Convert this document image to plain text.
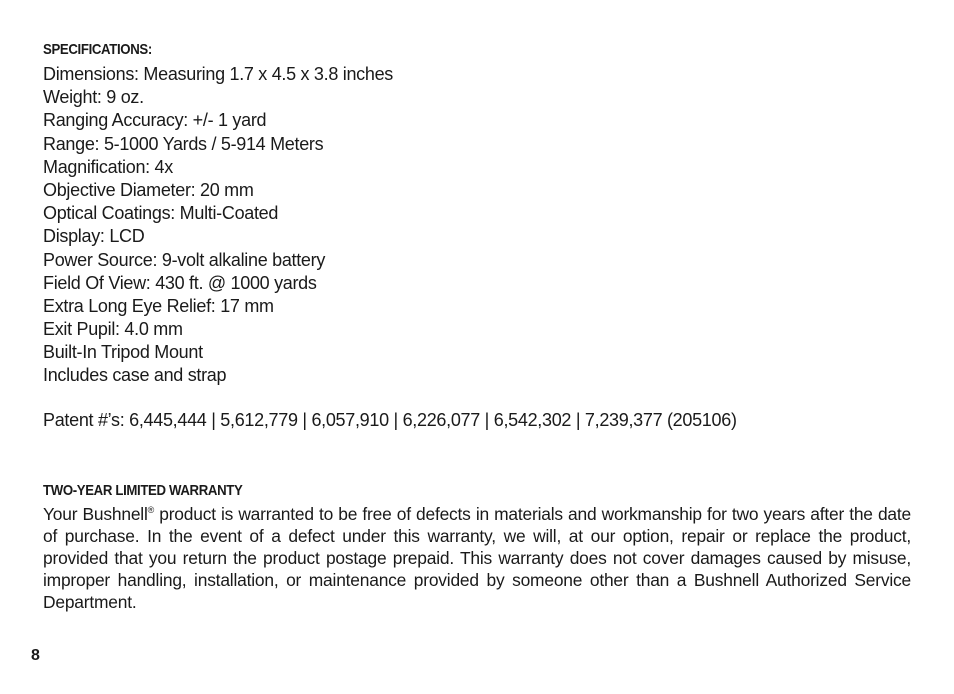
SPECIFICATIONS:
Dimensions: Measuring 1.7 x 4.5 x 3.8 inches
Weight: 9 oz.
Ranging Accuracy: +/- 1 yard
Range: 5-1000 Yards / 5-914 Meters
Magnification: 4x
Objective Diameter: 20 mm
Optical Coatings: Multi-Coated
Display: LCD
Power Source: 9-volt alkaline battery
Field Of View: 430 ft. @ 1000 yards
Extra Long Eye Relief: 17 mm
Exit Pupil: 4.0 mm
Built-In Tripod Mount
Includes case and strap
Patent #’s: 6,445,444 | 5,612,779 | 6,057,910 | 6,226,077 | 6,542,302 | 7,239,377 (205106)
TWO-YEAR LIMITED WARRANTY
Your Bushnell® product is warranted to be free of defects in materials and workmanship for two years after the date of purchase. In the event of a defect under this warranty, we will, at our option, repair or replace the product, provided that you return the product postage prepaid. This warranty does not cover damages caused by misuse, improper handling, installation, or maintenance provided by someone other than a Bushnell Authorized Service Department.
8
